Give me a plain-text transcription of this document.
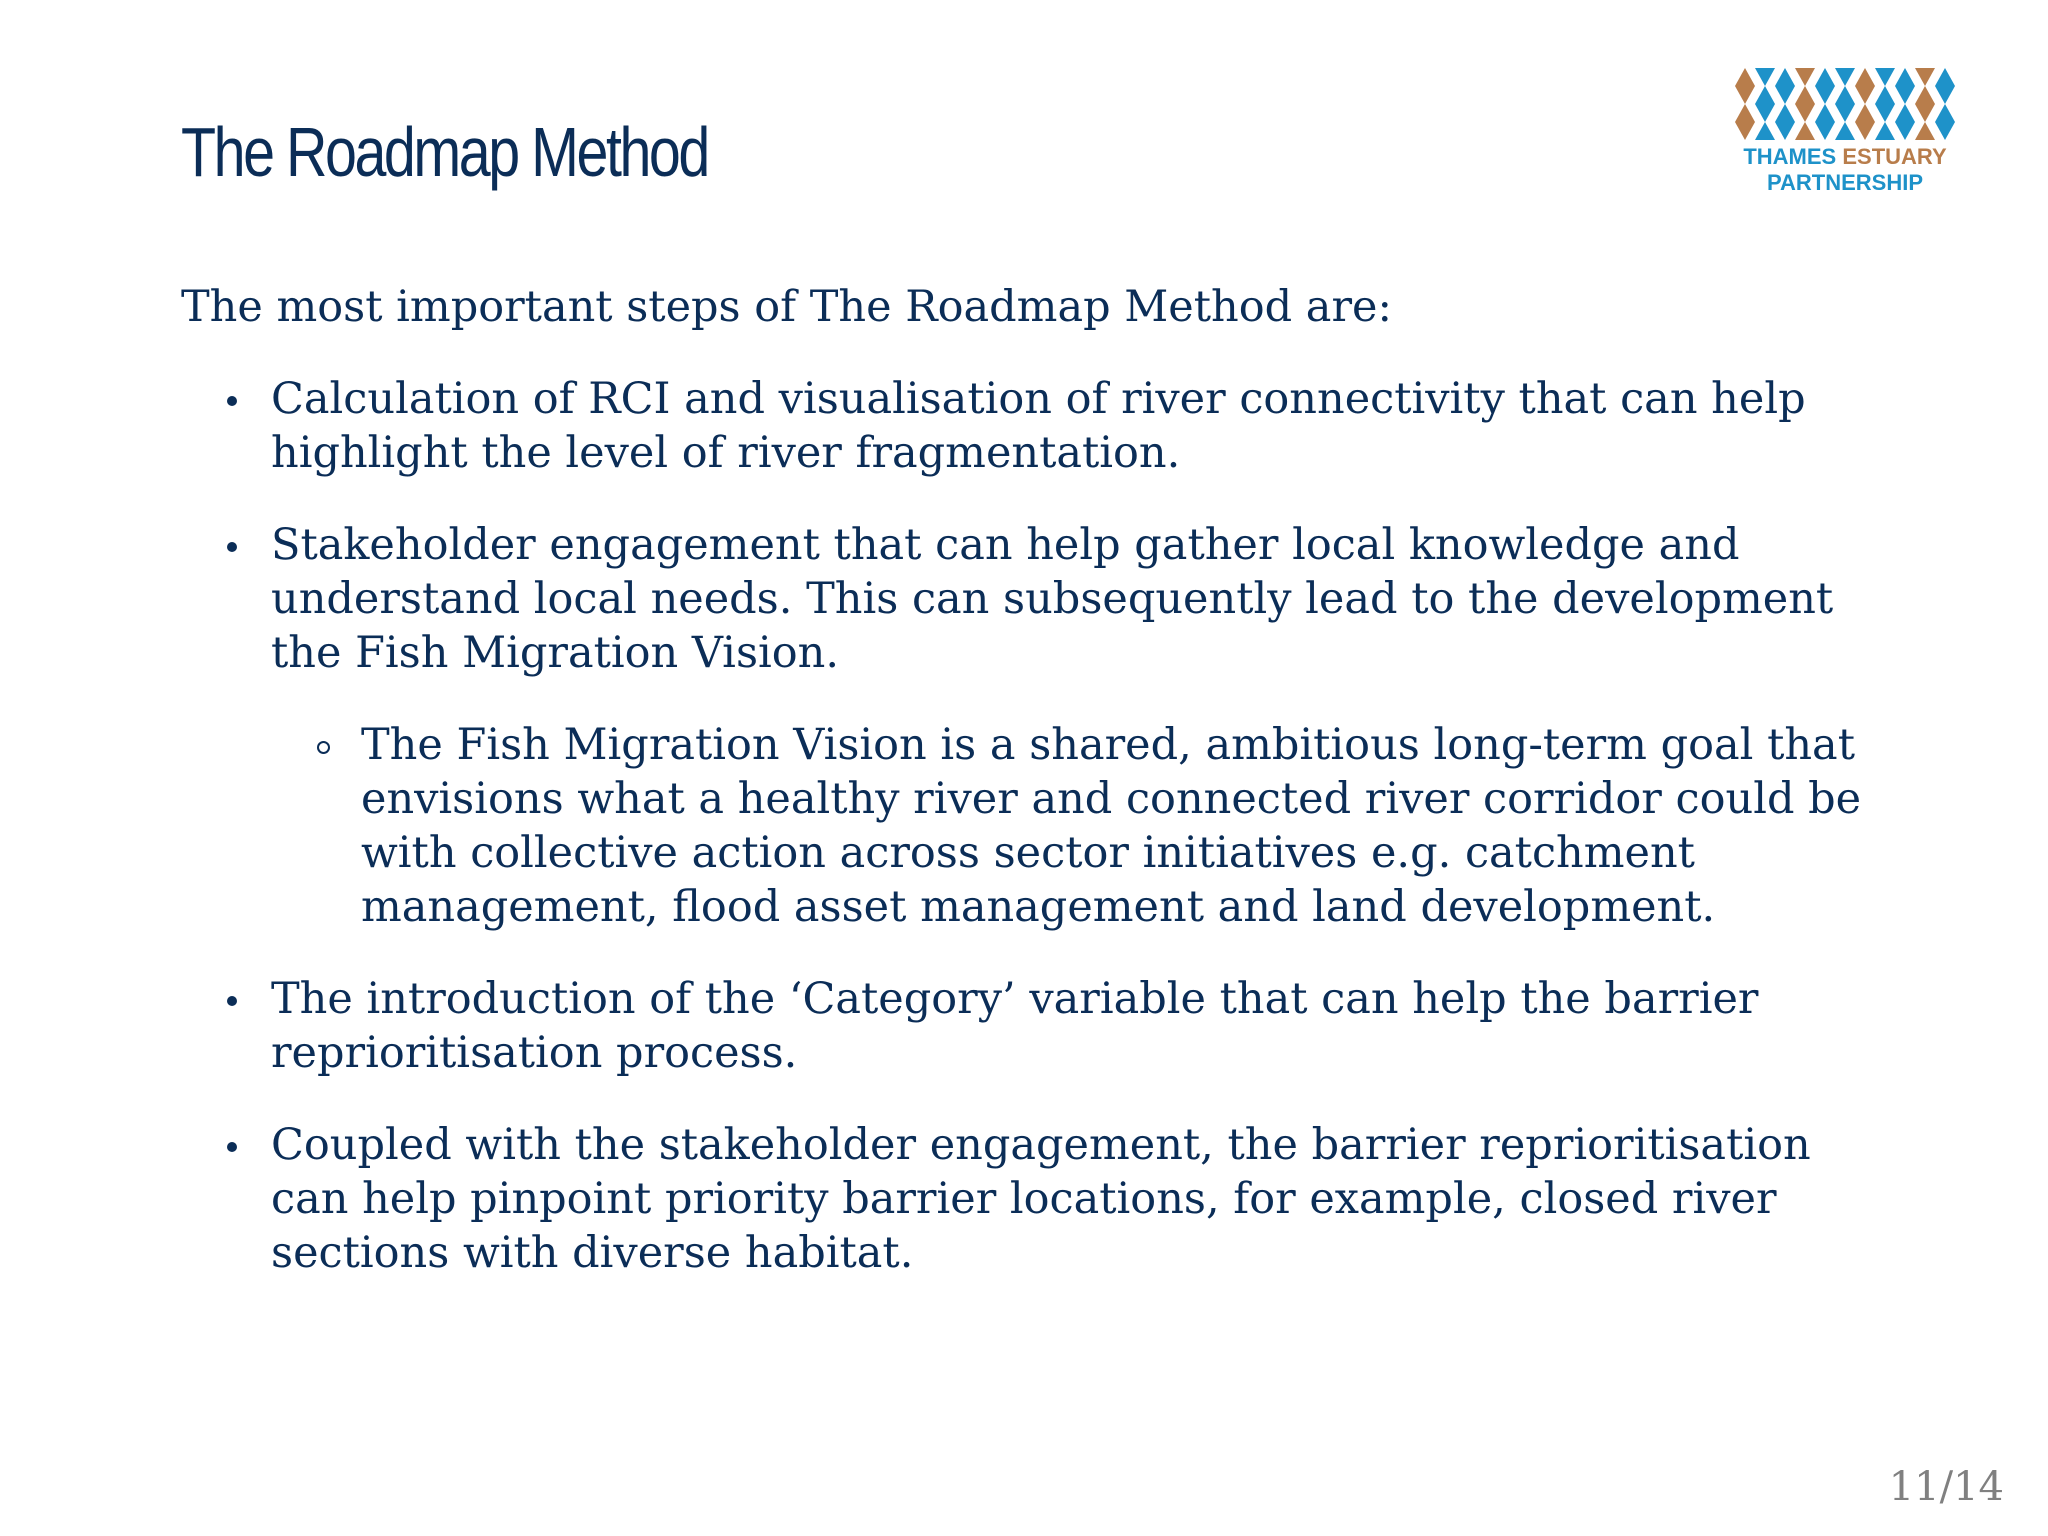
The Roadmap Method	THAMES ESTUARY
PARTNERSHIP

The most important steps of The Roadmap Method are:

Calculation of RCI and visualisation of river connectivity that can help highlight the level of river fragmentation.
Stakeholder engagement that can help gather local knowledge and understand local needs. This can subsequently lead to the development the Fish Migration Vision.
The Fish Migration Vision is a shared, ambitious long-term goal that envisions what a healthy river and connected river corridor could be with collective action across sector initiatives e.g. catchment management, flood asset management and land development.
The introduction of the ‘Category’ variable that can help the barrier reprioritisation process.
Coupled with the stakeholder engagement, the barrier reprioritisation can help pinpoint priority barrier locations, for example, closed river sections with diverse habitat.
11/14
